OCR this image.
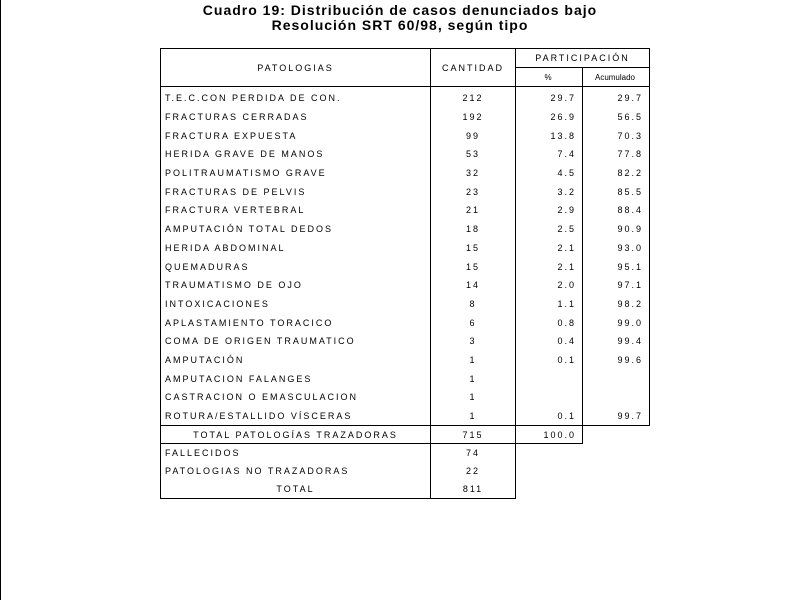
Cuadro 19: Distribución de casos denunciados bajo
Resolución SRT 60/98, según tipo
PATOLOGIAS	CANTIDAD	PARTICIPACIÓN	
		%	Acumulado
T.E.C.CON PERDIDA DE CON.	212	29.7	29.7
FRACTURAS CERRADAS	192	26.9	56.5
FRACTURA EXPUESTA	99	13.8	70.3
HERIDA GRAVE DE MANOS	53	7.4	77.8
POLITRAUMATISMO GRAVE	32	4.5	82.2
FRACTURAS DE PELVIS	23	3.2	85.5
FRACTURA VERTEBRAL	21	2.9	88.4
AMPUTACIÓN TOTAL DEDOS	18	2.5	90.9
HERIDA ABDOMINAL	15	2.1	93.0
QUEMADURAS	15	2.1	95.1
TRAUMATISMO DE OJO	14	2.0	97.1
INTOXICACIONES	8	1.1	98.2
APLASTAMIENTO TORACICO	6	0.8	99.0
COMA DE ORIGEN TRAUMATICO	3	0.4	99.4
AMPUTACIÓN	1	0.1	99.6
AMPUTACION FALANGES	1		
CASTRACION O EMASCULACION	1		
ROTURA/ESTALLIDO VÍSCERAS	1	0.1	99.7
TOTAL PATOLOGÍAS TRAZADORAS	715	100.0	
FALLECIDOS	74		
PATOLOGIAS NO TRAZADORAS	22		
TOTAL	811		
